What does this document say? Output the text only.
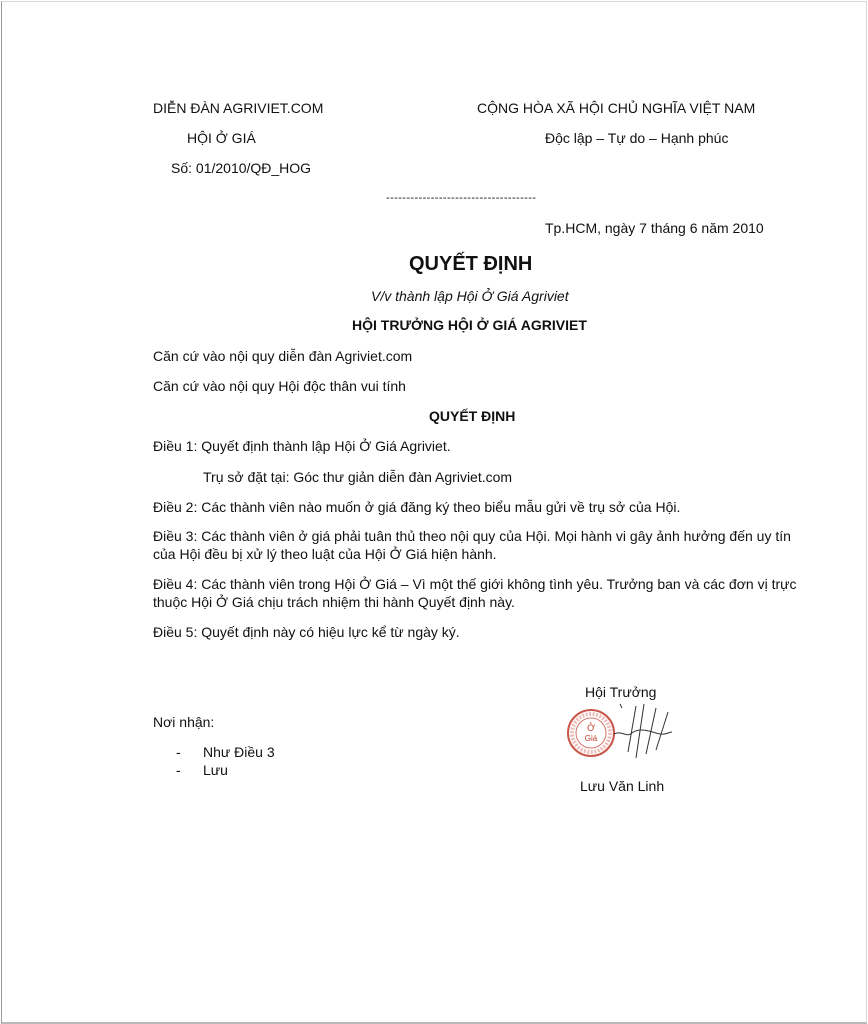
DIỄN ĐÀN AGRIVIET.COM
HỘI Ở GIÁ
Số: 01/2010/QĐ_HOG
CỘNG HÒA XÃ HỘI CHỦ NGHĨA VIỆT NAM
Độc lập – Tự do – Hạnh phúc
-------------------------------------
Tp.HCM, ngày 7 tháng 6 năm 2010
QUYẾT ĐỊNH
V/v thành lập Hội Ở Giá Agriviet
HỘI TRƯỞNG HỘI Ở GIÁ AGRIVIET
Căn cứ vào nội quy diễn đàn Agriviet.com
Căn cứ vào nội quy Hội độc thân vui tính
QUYẾT ĐỊNH
Điều 1: Quyết định thành lập Hội Ở Giá Agriviet.
Trụ sở đặt tại: Góc thư giản diễn đàn Agriviet.com
Điều 2: Các thành viên nào muốn ở giá đăng ký theo biểu mẫu gửi về trụ sở của Hội.
Điều 3: Các thành viên ở giá phải tuân thủ theo nội quy của Hội. Mọi hành vi gây ảnh hưởng đến uy tín của Hội đều bị xử lý theo luật của Hội Ở Giá hiện hành.
Điều 4: Các thành viên trong Hội Ở Giá – Vì một thế giới không tình yêu. Trưởng ban và các đơn vị trực thuộc Hội Ở Giá chịu trách nhiệm thi hành Quyết định này.
Điều 5: Quyết định này có hiệu lực kể từ ngày ký.
Nơi nhận:
- Như Điều 3
- Lưu
Hội Trưởng
Ở
Giá
Lưu Văn Linh
